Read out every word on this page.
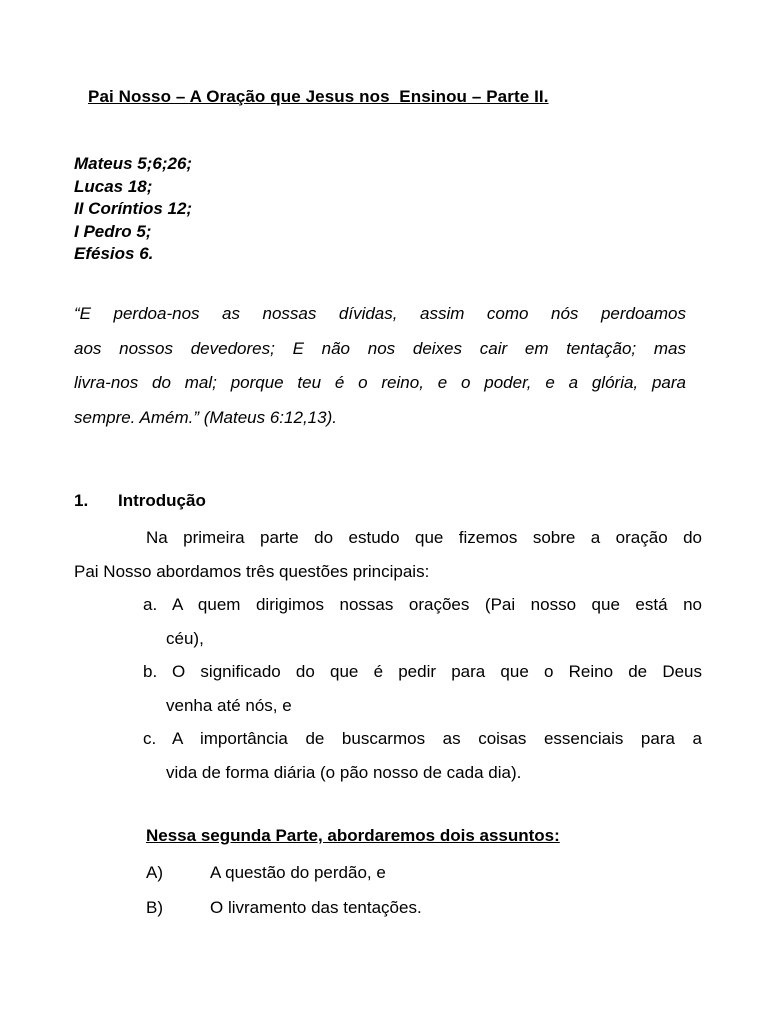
Pai Nosso – A Oração que Jesus nos  Ensinou – Parte II.
Mateus 5;6;26;
Lucas 18;
II Coríntios 12;
I Pedro 5;
Efésios 6.
“E perdoa-nos as nossas dívidas, assim como nós perdoamos
aos nossos devedores; E não nos deixes cair em tentação; mas
livra-nos do mal; porque teu é o reino, e o poder, e a glória, para
sempre. Amém.” (Mateus 6:12,13).
1. Introdução
Na primeira parte do estudo que fizemos sobre a oração do
Pai Nosso abordamos três questões principais:
a. A quem dirigimos nossas orações (Pai nosso que está no
céu),
b. O significado do que é pedir para que o Reino de Deus
venha até nós, e
c. A importância de buscarmos as coisas essenciais para a
vida de forma diária (o pão nosso de cada dia).
Nessa segunda Parte, abordaremos dois assuntos:
A)	A questão do perdão, e
B)	O livramento das tentações.
